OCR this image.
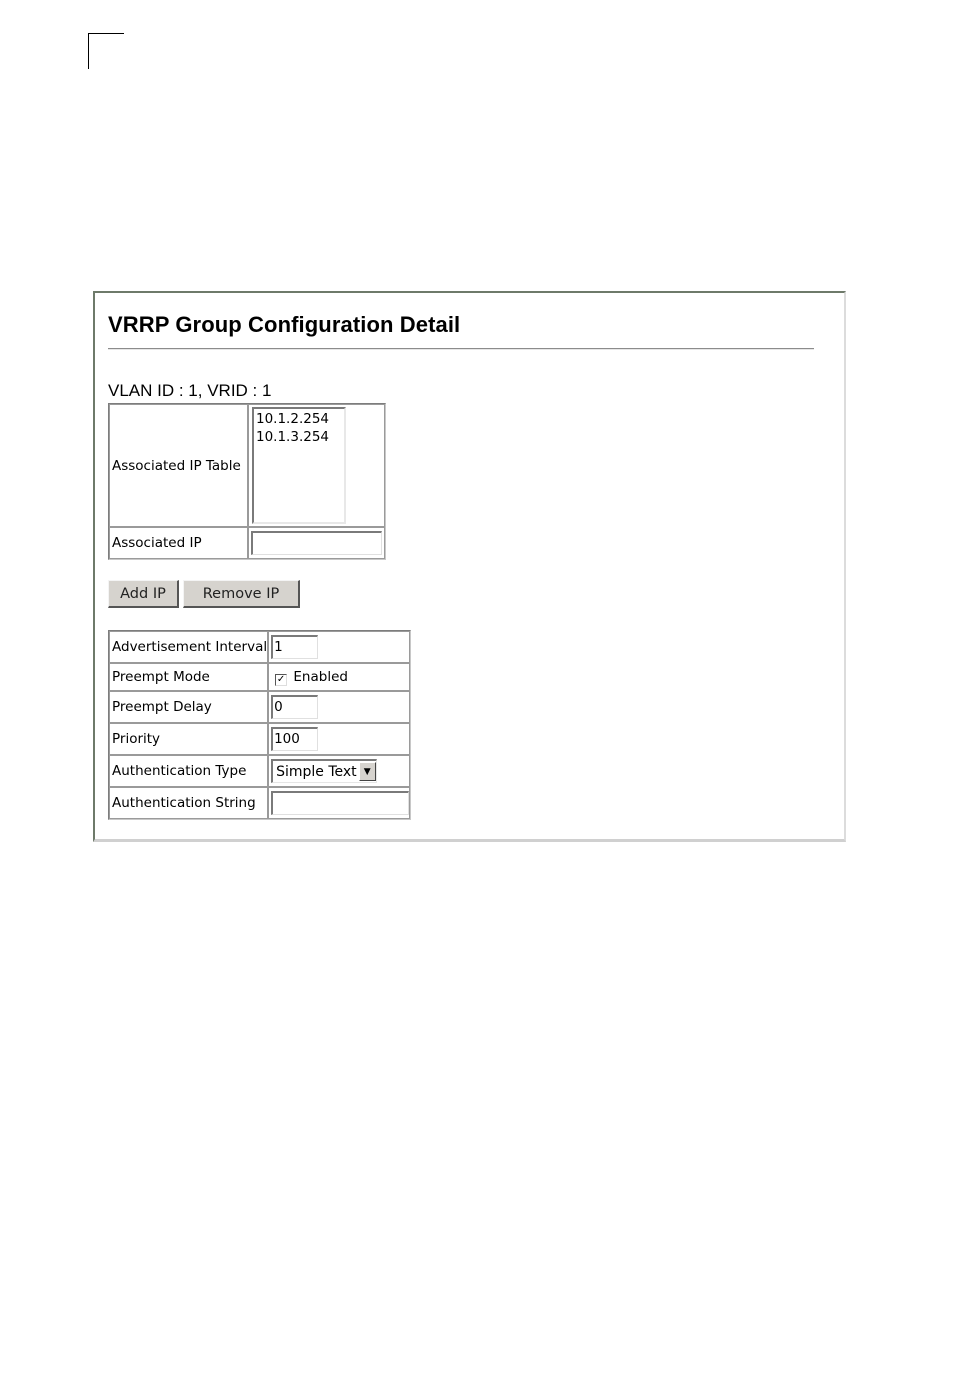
VRRP Group Configuration Detail
VLAN ID : 1, VRID : 1
Associated IP Table	10.1.2.254
10.1.3.254

Associated IP	
Add IP	Remove IP
Advertisement Interval	1

Preempt Mode	✓ Enabled
Preempt Delay	0

Priority	100

Authentication Type	Simple Text ▼

Authentication String	
